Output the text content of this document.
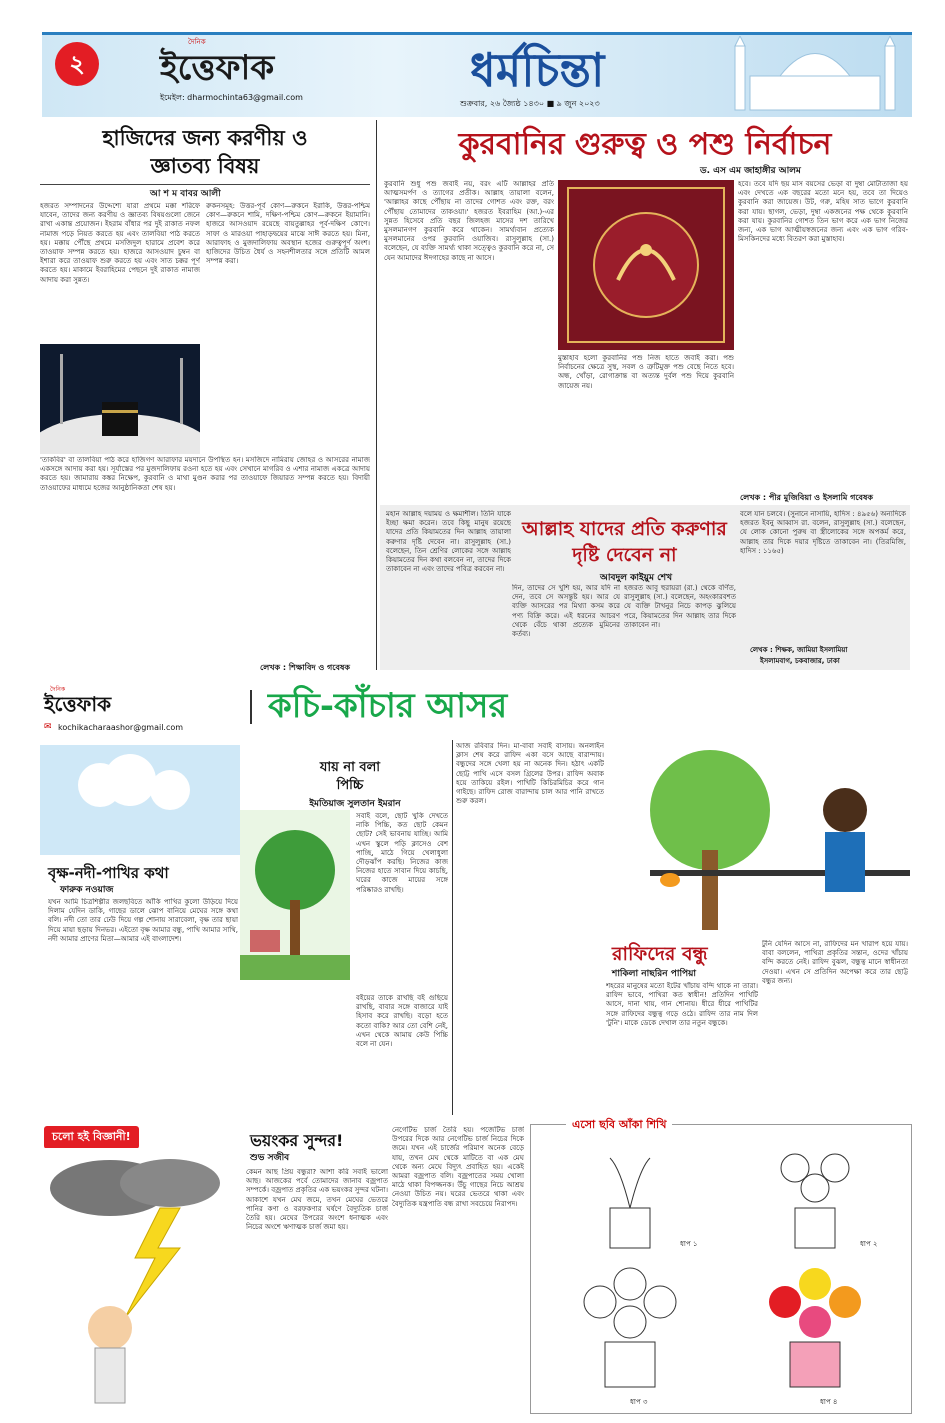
২
দৈনিক
ইত্তেফাক
ইমেইল: dharmochinta63@gmail.com
ধর্মচিন্তা
শুক্রবার, ২৬ জ্যৈষ্ঠ ১৪৩০ ■ ৯ জুন ২০২৩
হাজিদের জন্য করণীয় ও
জ্ঞাতব্য বিষয়
আ শ ম বাবর আলী
হজরত সম্পাদনের উদ্দেশ্যে যারা প্রথমে মক্কা শরিফে যাবেন, তাদের জন্য করণীয় ও জ্ঞাতব্য বিষয়গুলো জেনে রাখা একান্ত প্রয়োজন। ইহরাম বাঁধার পর দুই রাকাত নফল নামাজ পড়ে নিয়ত করতে হয় এবং তালবিয়া পাঠ করতে হয়। মক্কায় পৌঁছে প্রথমে মসজিদুল হারামে প্রবেশ করে তাওয়াফ সম্পন্ন করতে হয়। হাজরে আসওয়াদ চুম্বন বা ইশারা করে তাওয়াফ শুরু করতে হয় এবং সাত চক্কর পূর্ণ করতে হয়। মাকামে ইবরাহিমের পেছনে দুই রাকাত নামাজ আদায় করা সুন্নত।
রুকনসমূহ: উত্তর-পূর্ব কোণ—রুকনে ইরাকি, উত্তর-পশ্চিম কোণ—রুকনে শামি, দক্ষিণ-পশ্চিম কোণ—রুকনে ইয়ামানি। হাজরে আসওয়াদ রয়েছে বায়তুল্লাহর পূর্ব-দক্ষিণ কোণে। সাফা ও মারওয়া পাহাড়দ্বয়ের মাঝে সাঈ করতে হয়। মিনা, আরাফাহ ও মুজদালিফায় অবস্থান হজের গুরুত্বপূর্ণ অংশ। হাজিদের উচিত ধৈর্য ও সহনশীলতার সঙ্গে প্রতিটি আমল সম্পন্ন করা।
'তাকবির' বা তালবিয়া পাঠ করে হাজিগণ আরাফার ময়দানে উপস্থিত হন। মসজিদে নামিরায় জোহর ও আসরের নামাজ একসঙ্গে আদায় করা হয়। সূর্যাস্তের পর মুজদালিফায় রওনা হতে হয় এবং সেখানে মাগরিব ও এশার নামাজ একত্রে আদায় করতে হয়। জামারায় কঙ্কর নিক্ষেপ, কুরবানি ও মাথা মুণ্ডন করার পর তাওয়াফে জিয়ারত সম্পন্ন করতে হয়। বিদায়ী তাওয়াফের মাধ্যমে হজের আনুষ্ঠানিকতা শেষ হয়।
লেখক : শিক্ষাবিদ ও গবেষক
কুরবানির গুরুত্ব ও পশু নির্বাচন
ড. এস এম জাহাঙ্গীর আলম
কুরবানি শুধু পশু জবাই নয়, বরং এটি আল্লাহর প্রতি আত্মসমর্পণ ও ত্যাগের প্রতীক। আল্লাহ তায়ালা বলেন, 'আল্লাহর কাছে পৌঁছায় না তাদের গোশত এবং রক্ত, বরং পৌঁছায় তোমাদের তাকওয়া।' হজরত ইবরাহিম (আ.)-এর সুন্নত হিসেবে প্রতি বছর জিলহজ মাসের দশ তারিখে মুসলমানগণ কুরবানি করে থাকেন। সামর্থ্যবান প্রত্যেক মুসলমানের ওপর কুরবানি ওয়াজিব। রাসুলুল্লাহ (সা.) বলেছেন, যে ব্যক্তি সামর্থ্য থাকা সত্ত্বেও কুরবানি করে না, সে যেন আমাদের ঈদগাহের কাছে না আসে।
মুস্তাহাব হলো কুরবানির পশু নিজ হাতে জবাই করা। পশু নির্বাচনের ক্ষেত্রে সুস্থ, সবল ও ত্রুটিমুক্ত পশু বেছে নিতে হবে। অন্ধ, খোঁড়া, রোগাক্রান্ত বা অত্যন্ত দুর্বল পশু দিয়ে কুরবানি জায়েজ নয়।
হবে। তবে যদি ছয় মাস বয়সের ভেড়া বা দুম্বা মোটাতাজা হয় এবং দেখতে এক বছরের মতো মনে হয়, তবে তা দিয়েও কুরবানি করা জায়েজ। উট, গরু, মহিষ সাত ভাগে কুরবানি করা যায়। ছাগল, ভেড়া, দুম্বা একজনের পক্ষ থেকে কুরবানি করা যায়। কুরবানির গোশত তিন ভাগ করে এক ভাগ নিজের জন্য, এক ভাগ আত্মীয়স্বজনের জন্য এবং এক ভাগ গরিব-মিসকিনদের মধ্যে বিতরণ করা মুস্তাহাব।
লেখক : পীর মুজিবিয়া ও ইসলামি গবেষক
মহান আল্লাহ দয়াময় ও ক্ষমাশীল। তিনি যাকে ইচ্ছা ক্ষমা করেন। তবে কিছু মানুষ রয়েছে যাদের প্রতি কিয়ামতের দিন আল্লাহ তায়ালা করুণার দৃষ্টি দেবেন না। রাসুলুল্লাহ (সা.) বলেছেন, তিন শ্রেণির লোকের সঙ্গে আল্লাহ কিয়ামতের দিন কথা বলবেন না, তাদের দিকে তাকাবেন না এবং তাদের পবিত্র করবেন না।
আল্লাহ যাদের প্রতি করুণার
দৃষ্টি দেবেন না
আবদুল কাইয়ুম শেখ
দিন, তাদের সে খুশি হয়, আর যদি না দেন, তবে সে অসন্তুষ্ট হয়। আর যে ব্যক্তি আসরের পর মিথ্যা কসম করে পণ্য বিক্রি করে। এই ধরনের আচরণ থেকে বেঁচে থাকা প্রত্যেক মুমিনের কর্তব্য।
হজরত আবু হুরায়রা (রা.) থেকে বর্ণিত, রাসুলুল্লাহ (সা.) বলেছেন, অহংকারবশত যে ব্যক্তি টাখনুর নিচে কাপড় ঝুলিয়ে পরে, কিয়ামতের দিন আল্লাহ তার দিকে তাকাবেন না।
বলে যান চলবে। (সুনানে নাসায়ি, হাদিস : ৪৯৫৬) অন্যদিকে হজরত ইবনু আব্বাস রা. বলেন, রাসুলুল্লাহ (সা.) বলেছেন, যে লোক কোনো পুরুষ বা স্ত্রীলোকের সঙ্গে অপকর্ম করে, আল্লাহ তার দিকে দয়ার দৃষ্টিতে তাকাবেন না। (তিরমিজি, হাদিস : ১১৬৫)
লেখক : শিক্ষক, জামিয়া ইসলামিয়া
ইসলামবাগ, চকবাজার, ঢাকা
দৈনিক
ইত্তেফাক
✉ kochikacharaashor@gmail.com
কচি-কাঁচার আসর
বৃক্ষ-নদী-পাখির কথা
ফারুক নওয়াজ
যখন আমি চিত্রশিল্পীর জলছবিতে আঁকি পাখির কুলো উড়িয়ে দিয়ে দিলাম যেদিন ডাকি, গাছের ডালে ঝোপ বানিয়ে মেঘের সঙ্গে কথা বলি। নদী তো তার ঢেউ দিয়ে গল্প শোনায় সারাবেলা, বৃক্ষ তার ছায়া দিয়ে মায়া ছড়ায় দিনভর। এইতো বৃক্ষ আমার বন্ধু, পাখি আমার সাথি, নদী আমার প্রাণের মিতা—আমার এই বাংলাদেশ।
যায় না বলা
পিচ্চি
ইমতিয়াজ সুলতান ইমরান
সবাই বলে, ছোট খুকি দেখতে নাকি পিচ্চি, কত ছোট কেমন ছোট? সেই ভাবনায় যাচ্ছি। আমি এখন স্কুলে পড়ি ক্লাসেও বেশ পাচ্ছি, মাঠে গিয়ে খেলাধুলা দৌড়ঝাঁপ করছি। নিজের কাজ নিজের হাতে সাবান দিয়ে কাচছি, ঘরের কাজে মায়ের সঙ্গে পরিষ্কারও রাখছি।
বইয়ের তাকে রাখছি বই গুছিয়ে রাখছি, বাবার সঙ্গে বাজারে যাই হিসাব করে রাখছি। বড়ো হতে কতো বাকি? আর তো বেশি নেই, এখন থেকে আমায় কেউ পিচ্চি বলে না যেন।
আজ রবিবার দিন। মা-বাবা সবাই বাসায়। অনলাইন ক্লাস শেষ করে রাফিদ একা বসে আছে বারান্দায়। বন্ধুদের সঙ্গে খেলা হয় না অনেক দিন। হঠাৎ একটি ছোট্ট পাখি এসে বসল গ্রিলের উপর। রাফিদ অবাক হয়ে তাকিয়ে রইল। পাখিটি কিচিরমিচির করে গান গাইছে। রাফিদ রোজ বারান্দায় চাল আর পানি রাখতে শুরু করল।
রাফিদের বন্ধু
শাকিলা নাছরিন পাপিয়া
শহরের মানুষের মতো ইটের খাঁচায় বন্দি থাকে না তারা। রাফিদ ভাবে, পাখিরা কত স্বাধীন! প্রতিদিন পাখিটি আসে, দানা খায়, গান শোনায়। ধীরে ধীরে পাখিটির সঙ্গে রাফিদের বন্ধুত্ব গড়ে ওঠে। রাফিদ তার নাম দিল 'টুনি'। মাকে ডেকে দেখাল তার নতুন বন্ধুকে।
টুনি যেদিন আসে না, রাফিদের মন খারাপ হয়ে যায়। বাবা বললেন, পাখিরা প্রকৃতির সন্তান, ওদের খাঁচায় বন্দি করতে নেই। রাফিদ বুঝল, বন্ধুত্ব মানে স্বাধীনতা দেওয়া। এখন সে প্রতিদিন অপেক্ষা করে তার ছোট্ট বন্ধুর জন্য।
চলো হই বিজ্ঞানী!	ভয়ংকর সুন্দর!
শুভ সজীব
কেমন আছ প্রিয় বন্ধুরা? আশা করি সবাই ভালো আছ। আজকের পর্বে তোমাদের জানাব বজ্রপাত সম্পর্কে। বজ্রপাত প্রকৃতির এক ভয়ংকর সুন্দর ঘটনা। আকাশে যখন মেঘ জমে, তখন মেঘের ভেতরে পানির কণা ও বরফকণার ঘর্ষণে বৈদ্যুতিক চার্জ তৈরি হয়। মেঘের উপরের অংশে ধনাত্মক এবং নিচের অংশে ঋণাত্মক চার্জ জমা হয়।
নেগেটিভ চার্জ তৈরি হয়। পজেটিভ চার্জ উপরের দিকে আর নেগেটিভ চার্জ নিচের দিকে জমে। যখন এই চার্জের পরিমাণ অনেক বেড়ে যায়, তখন মেঘ থেকে মাটিতে বা এক মেঘ থেকে অন্য মেঘে বিদ্যুৎ প্রবাহিত হয়। একেই আমরা বজ্রপাত বলি। বজ্রপাতের সময় খোলা মাঠে থাকা বিপজ্জনক। উঁচু গাছের নিচে আশ্রয় নেওয়া উচিত নয়। ঘরের ভেতরে থাকা এবং বৈদ্যুতিক যন্ত্রপাতি বন্ধ রাখা সবচেয়ে নিরাপদ।
এসো ছবি আঁকা শিখি
ধাপ ১	ধাপ ২
ধাপ ৩	ধাপ ৪
